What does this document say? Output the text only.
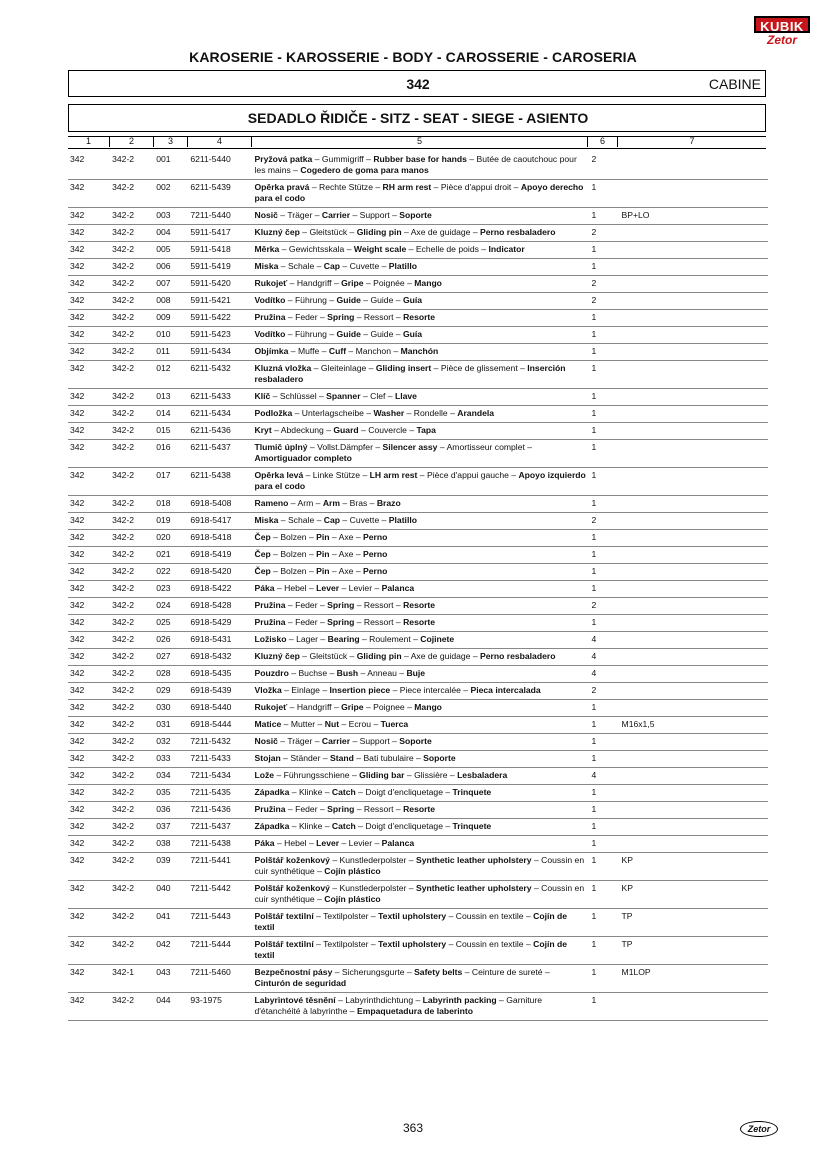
KAROSERIE - KAROSSERIE - BODY - CAROSSERIE - CAROSERIA
KUBIK
Zetor
342	CABINE
SEDADLO ŘIDIČE - SITZ - SEAT - SIEGE - ASIENTO
1	2	3	4	5	6	7
342	342-2	001	6211-5440	Pryžová patka – Gummigriff – Rubber base for hands – Butée de caoutchouc pour les mains – Cogedero de goma para manos	2	
342	342-2	002	6211-5439	Opěrka pravá – Rechte Stütze – RH arm rest – Pièce d'appui droit – Apoyo derecho para el codo	1	
342	342-2	003	7211-5440	Nosič – Träger – Carrier – Support – Soporte	1	BP+LO
342	342-2	004	5911-5417	Kluzný čep – Gleitstück – Gliding pin – Axe de guidage – Perno resbaladero	2	
342	342-2	005	5911-5418	Měrka – Gewichtsskala – Weight scale – Echelle de poids – Indicator	1	
342	342-2	006	5911-5419	Miska – Schale – Cap – Cuvette – Platillo	1	
342	342-2	007	5911-5420	Rukojeť – Handgriff – Gripe – Poignée – Mango	2	
342	342-2	008	5911-5421	Vodítko – Führung – Guide – Guide – Guía	2	
342	342-2	009	5911-5422	Pružina – Feder – Spring – Ressort – Resorte	1	
342	342-2	010	5911-5423	Vodítko – Führung – Guide – Guide – Guía	1	
342	342-2	011	5911-5434	Objímka – Muffe – Cuff – Manchon – Manchón	1	
342	342-2	012	6211-5432	Kluzná vložka – Gleiteinlage – Gliding insert – Pièce de glissement – Inserción resbaladero	1	
342	342-2	013	6211-5433	Klíč – Schlüssel – Spanner – Clef – Llave	1	
342	342-2	014	6211-5434	Podložka – Unterlagscheibe – Washer – Rondelle – Arandela	1	
342	342-2	015	6211-5436	Kryt – Abdeckung – Guard – Couvercle – Tapa	1	
342	342-2	016	6211-5437	Tlumič úplný – Vollst.Dämpfer – Silencer assy – Amortisseur complet – Amortiguador completo	1	
342	342-2	017	6211-5438	Opěrka levá – Linke Stütze – LH arm rest – Pièce d'appui gauche – Apoyo izquierdo para el codo	1	
342	342-2	018	6918-5408	Rameno – Arm – Arm – Bras – Brazo	1	
342	342-2	019	6918-5417	Miska – Schale – Cap – Cuvette – Platillo	2	
342	342-2	020	6918-5418	Čep – Bolzen – Pin – Axe – Perno	1	
342	342-2	021	6918-5419	Čep – Bolzen – Pin – Axe – Perno	1	
342	342-2	022	6918-5420	Čep – Bolzen – Pin – Axe – Perno	1	
342	342-2	023	6918-5422	Páka – Hebel – Lever – Levier – Palanca	1	
342	342-2	024	6918-5428	Pružina – Feder – Spring – Ressort – Resorte	2	
342	342-2	025	6918-5429	Pružina – Feder – Spring – Ressort – Resorte	1	
342	342-2	026	6918-5431	Ložisko – Lager – Bearing – Roulement – Cojinete	4	
342	342-2	027	6918-5432	Kluzný čep – Gleitstück – Gliding pin – Axe de guidage – Perno resbaladero	4	
342	342-2	028	6918-5435	Pouzdro – Buchse – Bush – Anneau – Buje	4	
342	342-2	029	6918-5439	Vložka – Einlage – Insertion piece – Piece intercalée – Pieca intercalada	2	
342	342-2	030	6918-5440	Rukojeť – Handgriff – Gripe – Poignee – Mango	1	
342	342-2	031	6918-5444	Matice – Mutter – Nut – Ecrou – Tuerca	1	M16x1,5
342	342-2	032	7211-5432	Nosič – Träger – Carrier – Support – Soporte	1	
342	342-2	033	7211-5433	Stojan – Ständer – Stand – Bati tubulaire – Soporte	1	
342	342-2	034	7211-5434	Lože – Führungsschiene – Gliding bar – Glissière – Lesbaladera	4	
342	342-2	035	7211-5435	Západka – Klinke – Catch – Doigt d'encliquetage – Trinquete	1	
342	342-2	036	7211-5436	Pružina – Feder – Spring – Ressort – Resorte	1	
342	342-2	037	7211-5437	Západka – Klinke – Catch – Doigt d'encliquetage – Trinquete	1	
342	342-2	038	7211-5438	Páka – Hebel – Lever – Levier – Palanca	1	
342	342-2	039	7211-5441	Polštář koženkový – Kunstlederpolster – Synthetic leather upholstery – Coussin en cuir synthétique – Cojín plástico	1	KP
342	342-2	040	7211-5442	Polštář koženkový – Kunstlederpolster – Synthetic leather upholstery – Coussin en cuir synthétique – Cojín plástico	1	KP
342	342-2	041	7211-5443	Polštář textilní – Textilpolster – Textil upholstery – Coussin en textile – Cojín de textil	1	TP
342	342-2	042	7211-5444	Polštář textilní – Textilpolster – Textil upholstery – Coussin en textile – Cojín de textil	1	TP
342	342-1	043	7211-5460	Bezpečnostní pásy – Sicherungsgurte – Safety belts – Ceinture de sureté – Cinturón de seguridad	1	M1LOP
342	342-2	044	93-1975	Labyrintové těsnění – Labyrinthdichtung – Labyrinth packing – Garniture d'étanchéité à labyrinthe – Empaquetadura de laberinto	1	
363	Zetor
